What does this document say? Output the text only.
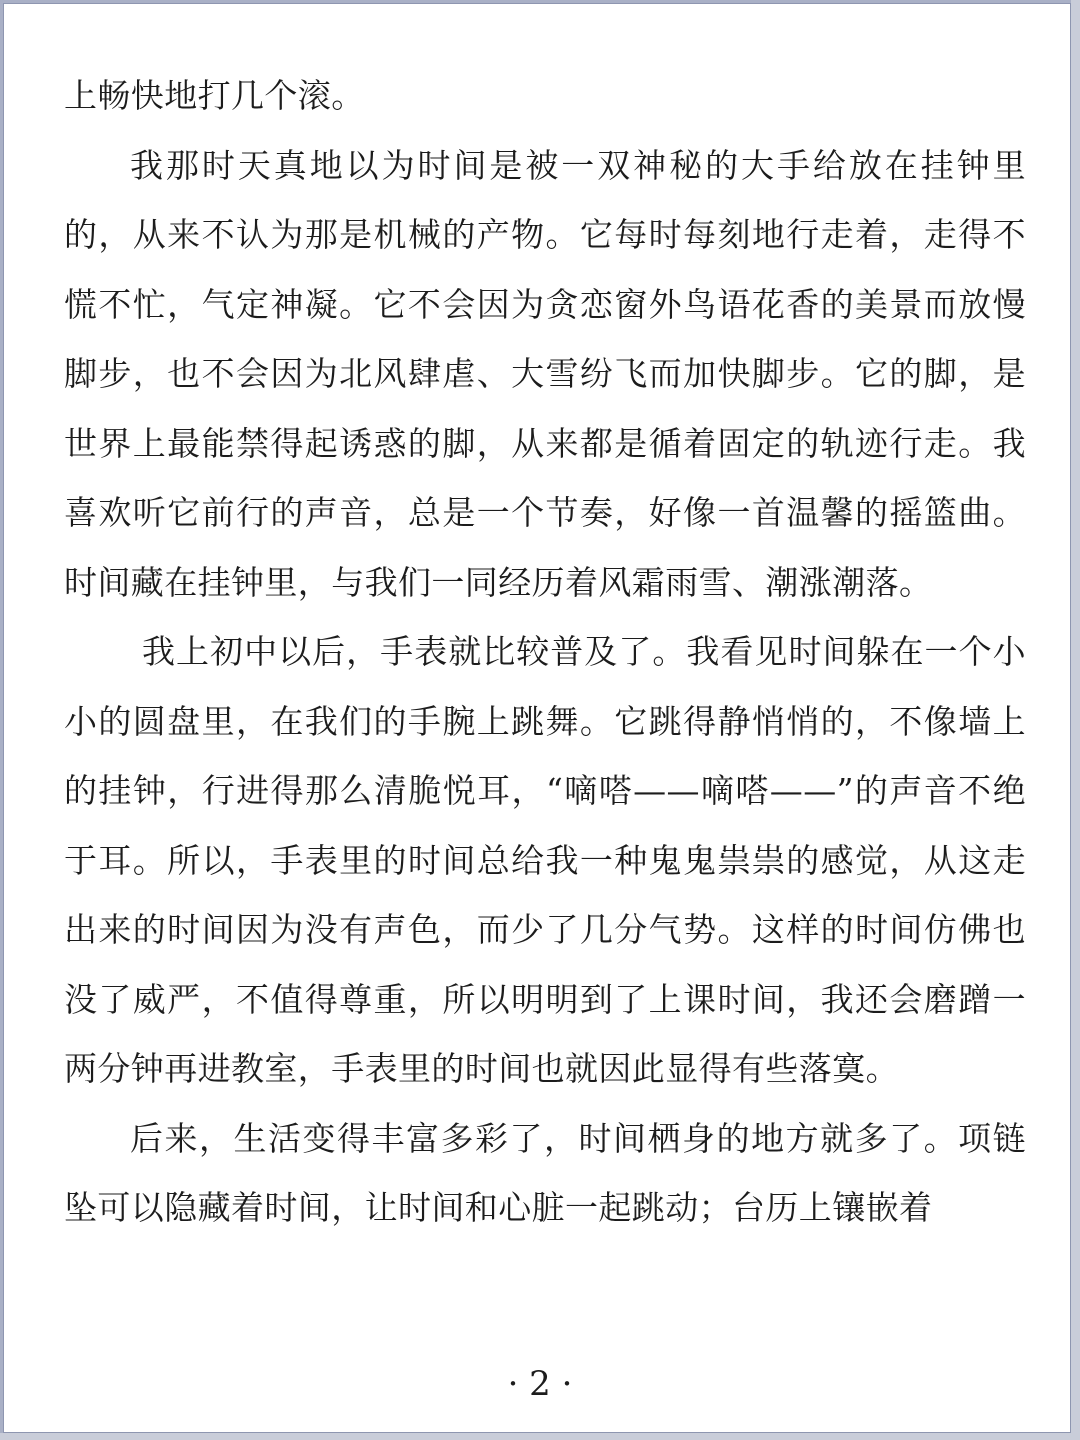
上畅快地打几个滚。

我那时天真地以为时间是被一双神秘的大手给放在挂钟里的，从来不认为那是机械的产物。它每时每刻地行走着，走得不慌不忙，气定神凝。它不会因为贪恋窗外鸟语花香的美景而放慢脚步，也不会因为北风肆虐、大雪纷飞而加快脚步。它的脚，是世界上最能禁得起诱惑的脚，从来都是循着固定的轨迹行走。我喜欢听它前行的声音，总是一个节奏，好像一首温馨的摇篮曲。时间藏在挂钟里，与我们一同经历着风霜雨雪、潮涨潮落。

我上初中以后，手表就比较普及了。我看见时间躲在一个小小的圆盘里，在我们的手腕上跳舞。它跳得静悄悄的，不像墙上的挂钟，行进得那么清脆悦耳，“嘀嗒——嘀嗒——”的声音不绝于耳。所以，手表里的时间总给我一种鬼鬼祟祟的感觉，从这走出来的时间因为没有声色，而少了几分气势。这样的时间仿佛也没了威严，不值得尊重，所以明明到了上课时间，我还会磨蹭一两分钟再进教室，手表里的时间也就因此显得有些落寞。

后来，生活变得丰富多彩了，时间栖身的地方就多了。项链坠可以隐藏着时间，让时间和心脏一起跳动；台历上镶嵌着

· 2 ·
